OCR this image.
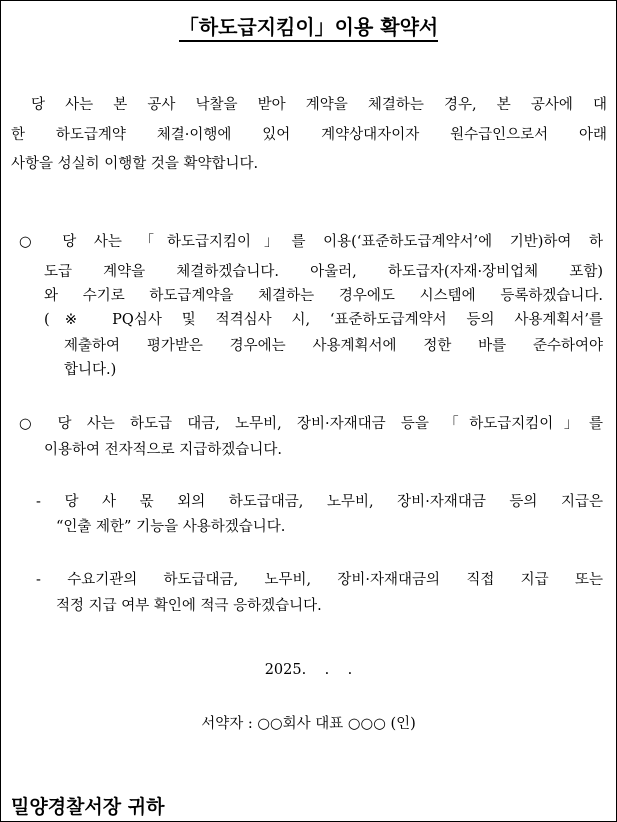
「하도급지킴이」이용 확약서
당 사는 본 공사 낙찰을 받아 계약을 체결하는 경우, 본 공사에 대
한 하도급계약 체결·이행에 있어 계약상대자이자 원수급인으로서 아래
사항을 성실히 이행할 것을 확약합니다.
○ 당 사는 「하도급지킴이」를 이용(‘표준하도급계약서’에 기반)하여 하
도급 계약을 체결하겠습니다. 아울러, 하도급자(자재·장비업체 포함)
와 수기로 하도급계약을 체결하는 경우에도 시스템에 등록하겠습니다.
(※ PQ심사 및 적격심사 시, ‘표준하도급계약서 등의 사용계획서’를
제출하여 평가받은 경우에는 사용계획서에 정한 바를 준수하여야
합니다.)
○ 당 사는 하도급 대금, 노무비, 장비·자재대금 등을 「하도급지킴이」를
이용하여 전자적으로 지급하겠습니다.
- 당 사 몫 외의 하도급대금, 노무비, 장비·자재대금 등의 지급은
“인출 제한” 기능을 사용하겠습니다.
- 수요기관의 하도급대금, 노무비, 장비·자재대금의 직접 지급 또는
적정 지급 여부 확인에 적극 응하겠습니다.
2025.    .    .
서약자 : ○○회사 대표 ○○○ (인)
밀양경찰서장 귀하
